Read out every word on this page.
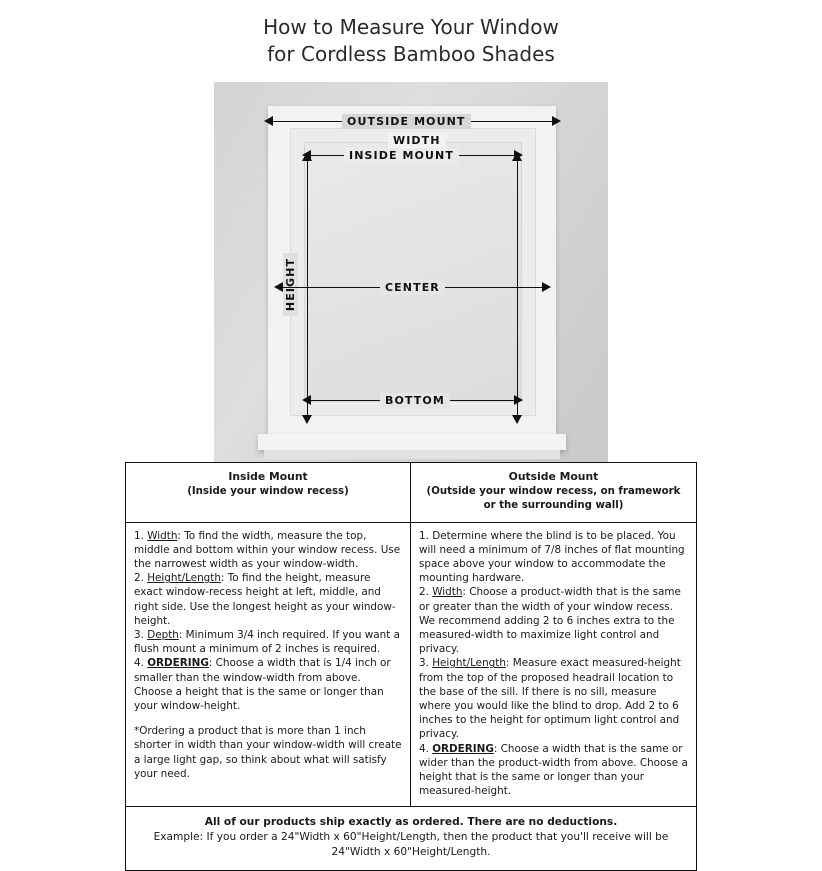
How to Measure Your Window
for Cordless Bamboo Shades
OUTSIDE MOUNT
WIDTH
INSIDE MOUNT
HEIGHT	CENTER
BOTTOM
Inside Mount
(Inside your window recess)
Outside Mount
(Outside your window recess, on framework or the surrounding wall)

1. Width: To find the width, measure the top, middle and bottom within your window recess. Use the narrowest width as your window-width.

2. Height/Length: To find the height, measure exact window-recess height at left, middle, and right side. Use the longest height as your window-height.

3. Depth: Minimum 3/4 inch required. If you want a flush mount a minimum of 2 inches is required.

4. ORDERING: Choose a width that is 1/4 inch or smaller than the window-width from above. Choose a height that is the same or longer than your window-height.

*Ordering a product that is more than 1 inch shorter in width than your window-width will create a large light gap, so think about what will satisfy your need.

1. Determine where the blind is to be placed. You will need a minimum of 7/8 inches of flat mounting space above your window to accommodate the mounting hardware.

2. Width: Choose a product-width that is the same or greater than the width of your window recess. We recommend adding 2 to 6 inches extra to the measured-width to maximize light control and privacy.

3. Height/Length: Measure exact measured-height from the top of the proposed headrail location to the base of the sill. If there is no sill, measure where you would like the blind to drop. Add 2 to 6 inches to the height for optimum light control and privacy.

4. ORDERING: Choose a width that is the same or wider than the product-width from above. Choose a height that is the same or longer than your measured-height.

All of our products ship exactly as ordered. There are no deductions.
Example: If you order a 24"Width x 60"Height/Length, then the product that you'll receive will be
24"Width x 60"Height/Length.
